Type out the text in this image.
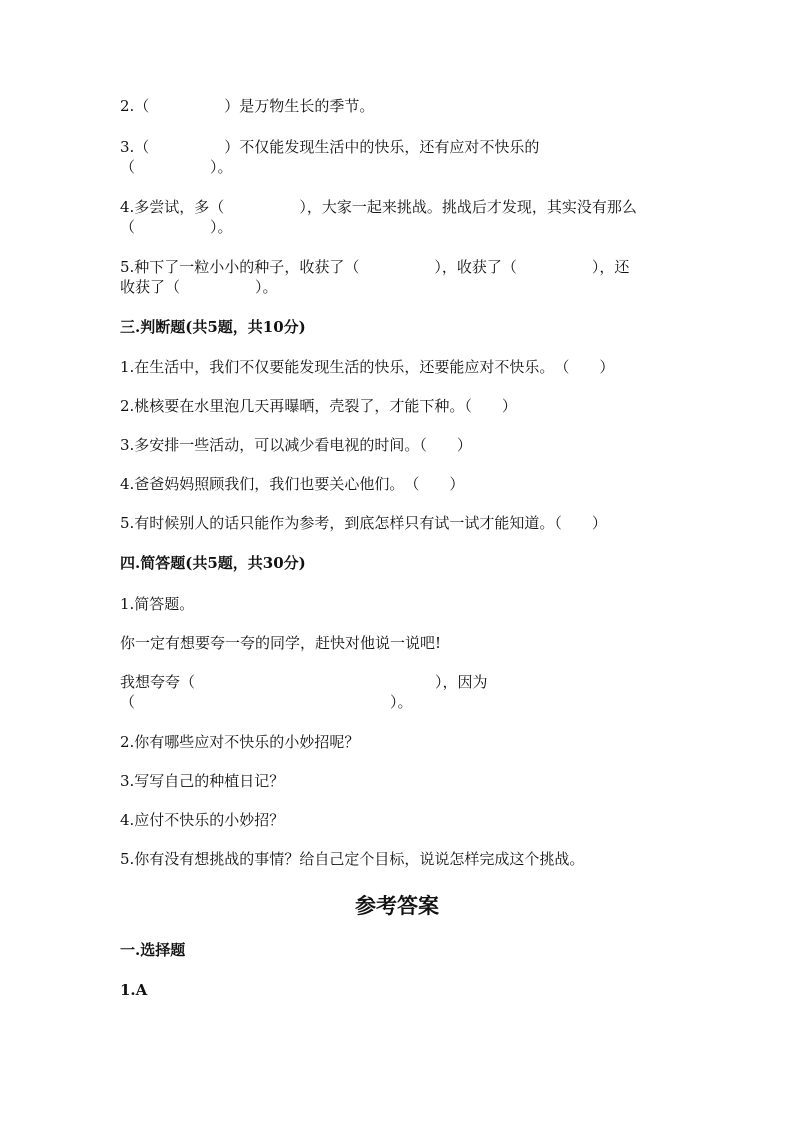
2.（　　　　　）是万物生长的季节。
3.（　　　　　）不仅能发现生活中的快乐，还有应对不快乐的
（　　　　　）。
4.多尝试，多（　　　　　），大家一起来挑战。挑战后才发现，其实没有那么
（　　　　　）。
5.种下了一粒小小的种子，收获了（　　　　　），收获了（　　　　　），还
收获了（　　　　　）。
三.判断题(共5题，共10分)
1.在生活中，我们不仅要能发现生活的快乐，还要能应对不快乐。　（　　）
2.桃核要在水里泡几天再曝晒，壳裂了，才能下种。（　　）
3.多安排一些活动，可以减少看电视的时间。（　　）
4.爸爸妈妈照顾我们，我们也要关心他们。　（　　）
5.有时候别人的话只能作为参考，到底怎样只有试一试才能知道。（　　）
四.简答题(共5题，共30分)
1.简答题。
你一定有想要夸一夸的同学，赶快对他说一说吧!
我想夸夸（　　　　　　　　　　　　　　　　），因为
（　　　　　　　　　　　　　　　　　）。
2.你有哪些应对不快乐的小妙招呢？
3.写写自己的种植日记？
4.应付不快乐的小妙招？
5.你有没有想挑战的事情？给自己定个目标，说说怎样完成这个挑战。
参考答案
一.选择题
1.A
